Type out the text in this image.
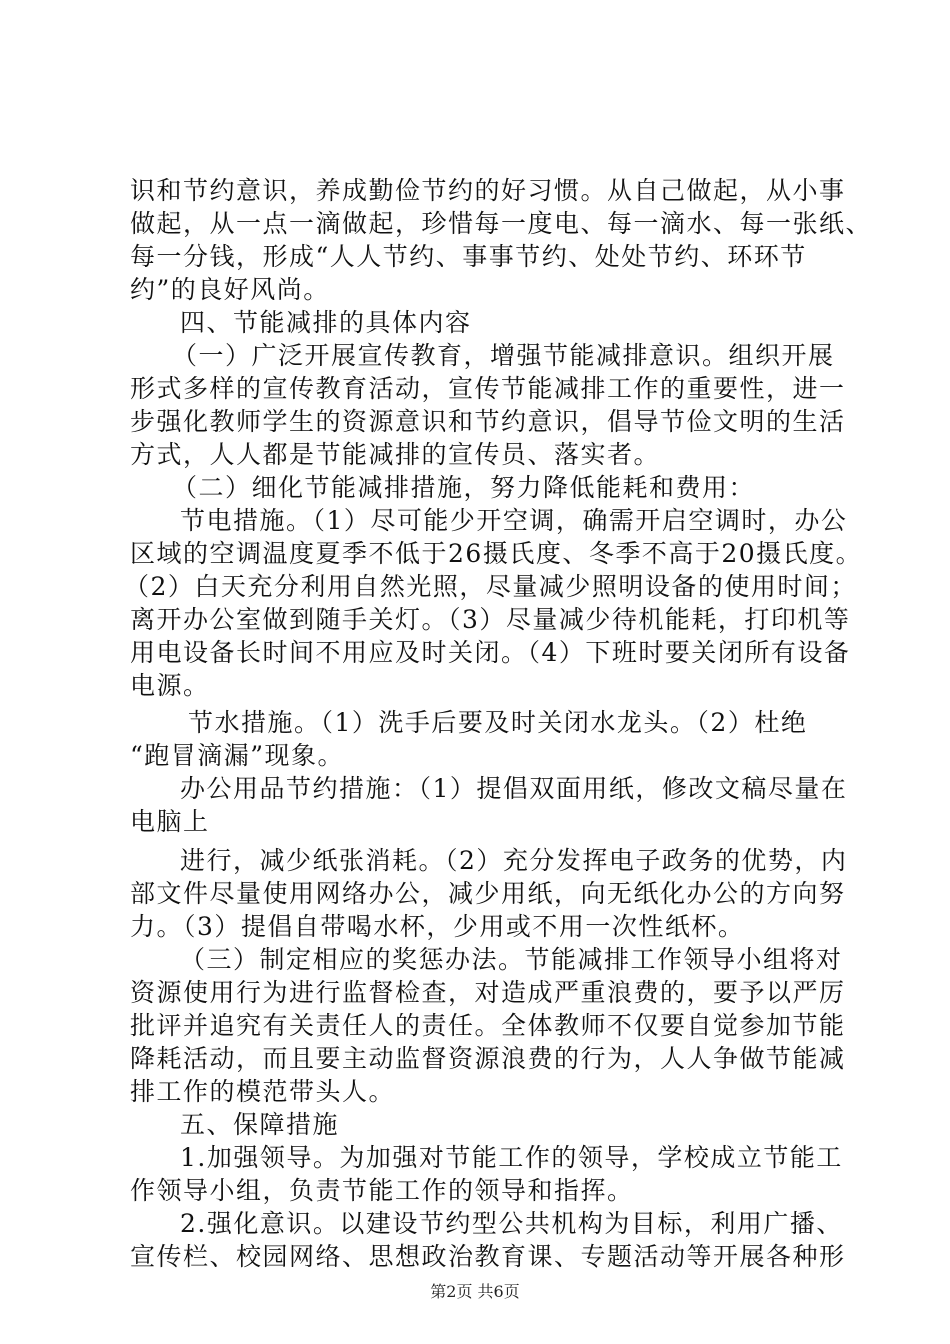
识和节约意识，养成勤俭节约的好习惯。从自己做起，从小事
做起，从一点一滴做起，珍惜每一度电、每一滴水、每一张纸、
每一分钱，形成“人人节约、事事节约、处处节约、环环节
约”的良好风尚。
四、节能减排的具体内容
（一）广泛开展宣传教育，增强节能减排意识。组织开展
形式多样的宣传教育活动，宣传节能减排工作的重要性，进一
步强化教师学生的资源意识和节约意识，倡导节俭文明的生活
方式，人人都是节能减排的宣传员、落实者。
（二）细化节能减排措施，努力降低能耗和费用：
节电措施。（1）尽可能少开空调，确需开启空调时，办公
区域的空调温度夏季不低于26摄氏度、冬季不高于20摄氏度。
（2）白天充分利用自然光照，尽量减少照明设备的使用时间；
离开办公室做到随手关灯。（3）尽量减少待机能耗，打印机等
用电设备长时间不用应及时关闭。（4）下班时要关闭所有设备
电源。
节水措施。（1）洗手后要及时关闭水龙头。（2）杜绝
“跑冒滴漏”现象。
办公用品节约措施：（1）提倡双面用纸，修改文稿尽量在
电脑上
进行，减少纸张消耗。（2）充分发挥电子政务的优势，内
部文件尽量使用网络办公，减少用纸，向无纸化办公的方向努
力。（3）提倡自带喝水杯，少用或不用一次性纸杯。
（三）制定相应的奖惩办法。节能减排工作领导小组将对
资源使用行为进行监督检查，对造成严重浪费的，要予以严厉
批评并追究有关责任人的责任。全体教师不仅要自觉参加节能
降耗活动，而且要主动监督资源浪费的行为，人人争做节能减
排工作的模范带头人。
五、保障措施
1.加强领导。为加强对节能工作的领导，学校成立节能工
作领导小组，负责节能工作的领导和指挥。
2.强化意识。以建设节约型公共机构为目标，利用广播、
宣传栏、校园网络、思想政治教育课、专题活动等开展各种形
第2页 共6页
